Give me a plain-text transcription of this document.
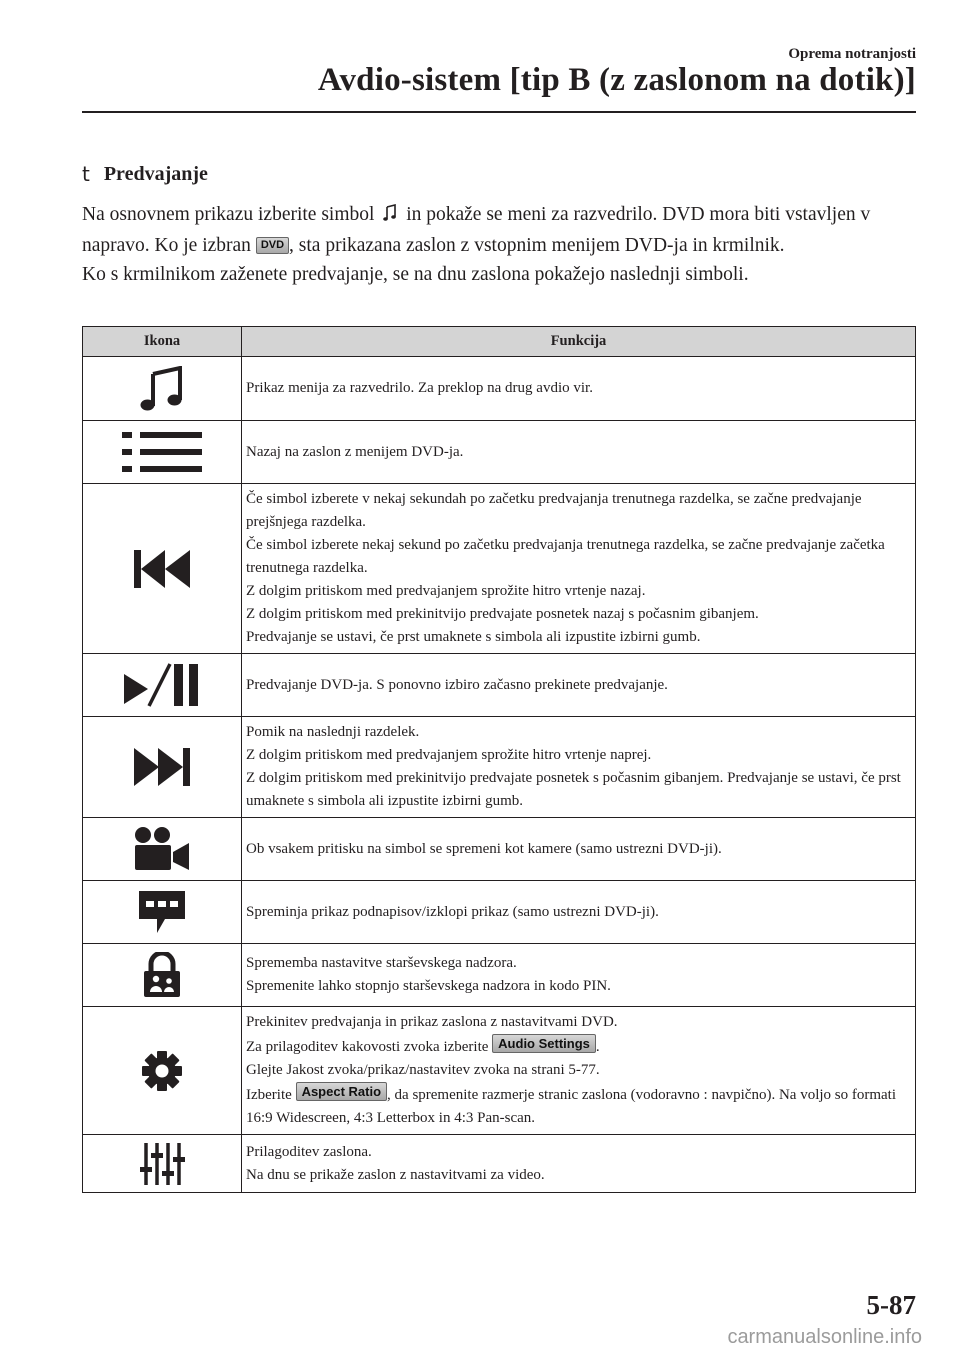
Oprema notranjosti
Avdio-sistem [tip B (z zaslonom na dotik)]
t Predvajanje

Na osnovnem prikazu izberite simbol in pokaže se meni za razvedrilo. DVD mora biti vstavljen v napravo. Ko je izbran DVD , sta prikazana zaslon z vstopnim menijem DVD-ja in krmilnik.

Ko s krmilnikom zaženete predvajanje, se na dnu zaslona pokažejo naslednji simboli.

Ikona	Funkcija

Prikaz menija za razvedrilo. Za preklop na drug avdio vir.

Nazaj na zaslon z menijem DVD-ja.

Če simbol izberete v nekaj sekundah po začetku predvajanja trenutnega razdelka, se začne predvajanje prejšnjega razdelka.
Če simbol izberete nekaj sekund po začetku predvajanja trenutnega razdelka, se začne predvajanje začetka trenutnega razdelka.
Z dolgim pritiskom med predvajanjem sprožite hitro vrtenje nazaj.
Z dolgim pritiskom med prekinitvijo predvajate posnetek nazaj s počasnim gibanjem.
Predvajanje se ustavi, če prst umaknete s simbola ali izpustite izbirni gumb.

Predvajanje DVD-ja. S ponovno izbiro začasno prekinete predvajanje.

Pomik na naslednji razdelek.
Z dolgim pritiskom med predvajanjem sprožite hitro vrtenje naprej.
Z dolgim pritiskom med prekinitvijo predvajate posnetek s počasnim gibanjem. Predvajanje se ustavi, če prst umaknete s simbola ali izpustite izbirni gumb.

Ob vsakem pritisku na simbol se spremeni kot kamere (samo ustrezni DVD-ji).

Spreminja prikaz podnapisov/izklopi prikaz (samo ustrezni DVD-ji).

Sprememba nastavitve starševskega nadzora.
Spremenite lahko stopnjo starševskega nadzora in kodo PIN.

Prekinitev predvajanja in prikaz zaslona z nastavitvami DVD.
Za prilagoditev kakovosti zvoka izberite Audio Settings .
Glejte Jakost zvoka/prikaz/nastavitev zvoka na strani 5-77.
Izberite Aspect Ratio , da spremenite razmerje stranic zaslona (vodoravno : navpično). Na voljo so formati 16:9 Widescreen, 4:3 Letterbox in 4:3 Pan-scan.

Prilagoditev zaslona.
Na dnu se prikaže zaslon z nastavitvami za video.
5-87
carmanualsonline.info
